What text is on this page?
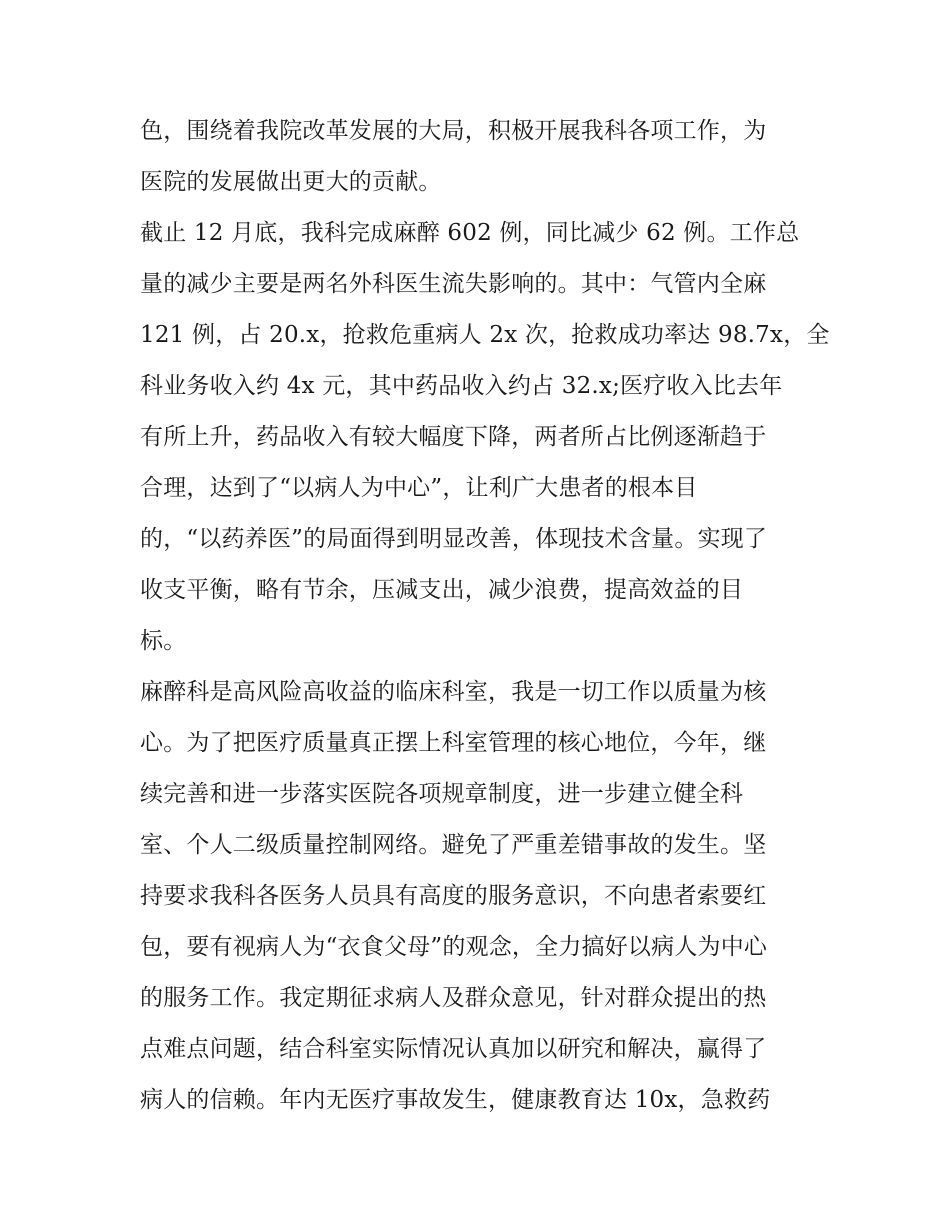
色，围绕着我院改革发展的大局，积极开展我科各项工作，为
医院的发展做出更大的贡献。
截止 12 月底，我科完成麻醉 602 例，同比减少 62 例。工作总
量的减少主要是两名外科医生流失影响的。其中：气管内全麻
121 例，占 20.x，抢救危重病人 2x 次，抢救成功率达 98.7x，全
科业务收入约 4x 元，其中药品收入约占 32.x;医疗收入比去年
有所上升，药品收入有较大幅度下降，两者所占比例逐渐趋于
合理，达到了“以病人为中心”，让利广大患者的根本目
的，“以药养医”的局面得到明显改善，体现技术含量。实现了
收支平衡，略有节余，压减支出，减少浪费，提高效益的目
标。
麻醉科是高风险高收益的临床科室，我是一切工作以质量为核
心。为了把医疗质量真正摆上科室管理的核心地位，今年，继
续完善和进一步落实医院各项规章制度，进一步建立健全科
室、个人二级质量控制网络。避免了严重差错事故的发生。坚
持要求我科各医务人员具有高度的服务意识，不向患者索要红
包，要有视病人为“衣食父母”的观念，全力搞好以病人为中心
的服务工作。我定期征求病人及群众意见，针对群众提出的热
点难点问题，结合科室实际情况认真加以研究和解决，赢得了
病人的信赖。年内无医疗事故发生，健康教育达 10x，急救药
